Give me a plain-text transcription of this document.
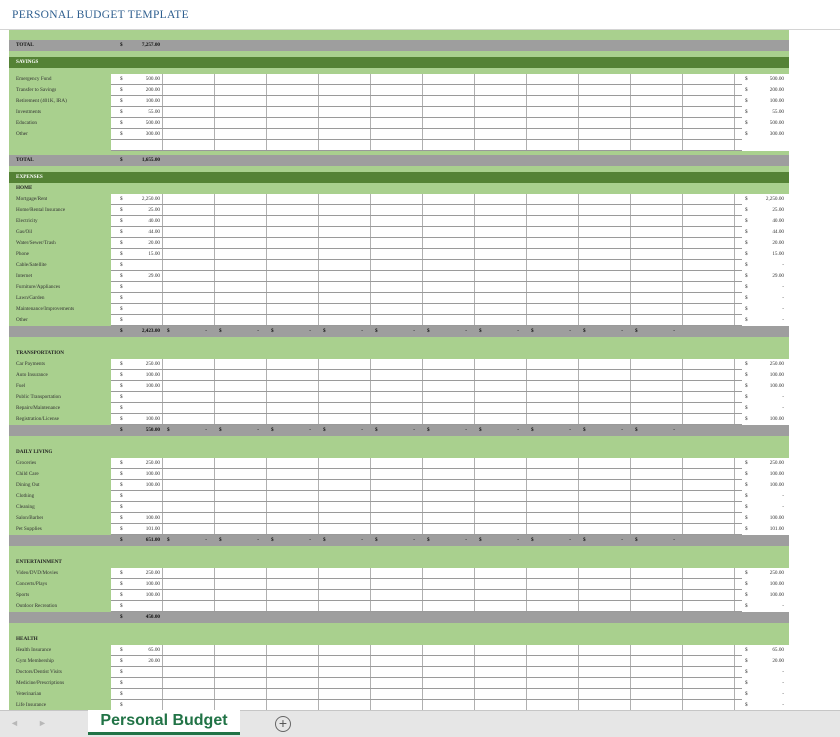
PERSONAL BUDGET TEMPLATE
TOTAL	$	7,257.00
SAVINGS
Emergency Fund	$	500.00	$	500.00
Transfer to Savings	$	200.00	$	200.00
Retirement (401K, IRA)	$	100.00	$	100.00
Investments	$	55.00	$	55.00
Education	$	500.00	$	500.00
Other	$	300.00	$	300.00
TOTAL	$	1,655.00
EXPENSES
HOME
Mortgage/Rent	$	2,250.00	$	2,250.00
Home/Rental Insurance	$	25.00	$	25.00
Electricity	$	40.00	$	40.00
Gas/Oil	$	44.00	$	44.00
Water/Sewer/Trash	$	20.00	$	20.00
Phone	$	15.00	$	15.00
Cable/Satellite	$	$	-
Internet	$	29.00	$	29.00
Furniture/Appliances	$	$	-
Lawn/Garden	$	$	-
Maintenance/Improvements	$	$	-
Other	$	$	-
$	2,423.00 $	- $	- $	- $	- $	- $	- $	- $	- $	- $	-
TRANSPORTATION
Car Payments	$	250.00	$	250.00
Auto Insurance	$	100.00	$	100.00
Fuel	$	100.00	$	100.00
Public Transportation	$	$	-
Repairs/Maintenance	$	$	-
Registration/License	$	100.00	$	100.00
$	550.00 $	- $	- $	- $	- $	- $	- $	- $	- $	- $	-
DAILY LIVING
Groceries	$	250.00	$	250.00
Child Care	$	100.00	$	100.00
Dining Out	$	100.00	$	100.00
Clothing	$	$	-
Cleaning	$	$	-
Salon/Barber	$	100.00	$	100.00
Pet Supplies	$	101.00	$	101.00
$	651.00 $	- $	- $	- $	- $	- $	- $	- $	- $	- $	-
ENTERTAINMENT
Video/DVD/Movies	$	250.00	$	250.00
Concerts/Plays	$	100.00	$	100.00
Sports	$	100.00	$	100.00
Outdoor Recreation	$	$	-
$	450.00
HEALTH
Health Insurance	$	65.00	$	65.00
Gym Membership	$	20.00	$	20.00
Doctors/Dentist Visits	$	$	-
Medicine/Prescriptions	$	$	-
Veterinarian	$	$	-
Life Insurance	$	$	-
◄ ►	Personal Budget	+
